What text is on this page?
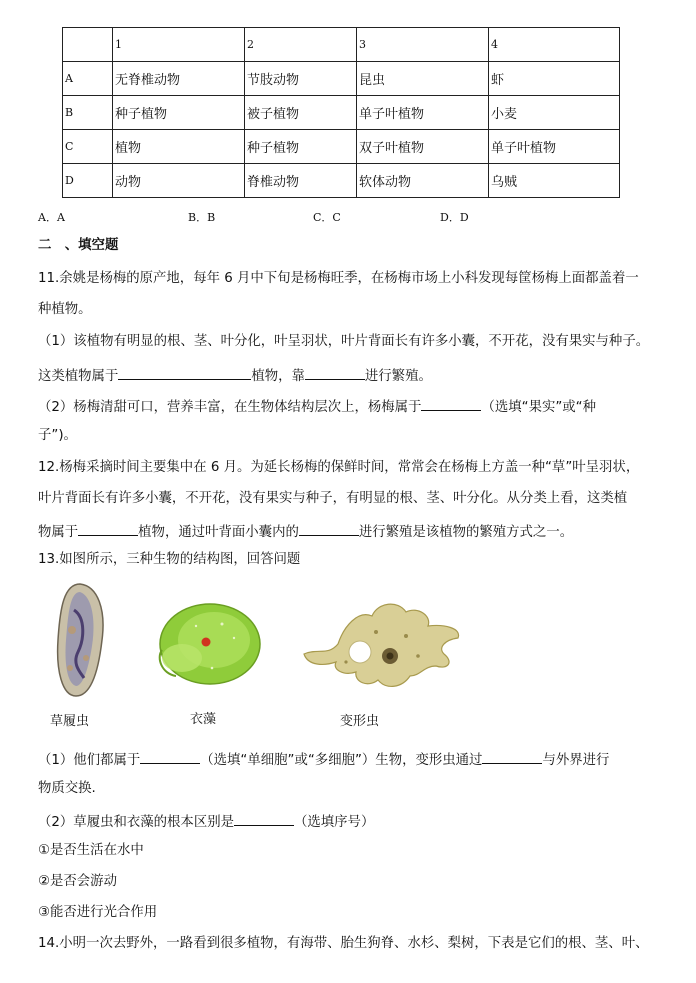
	1	2	3	4
A	无脊椎动物	节肢动物	昆虫	虾
B	种子植物	被子植物	单子叶植物	小麦
C	植物	种子植物	双子叶植物	单子叶植物
D	动物	脊椎动物	软体动物	乌贼
A．A	B．B	C．C	D．D
二　、填空题
11.余姚是杨梅的原产地，每年 6 月中下旬是杨梅旺季，在杨梅市场上小科发现每筐杨梅上面都盖着一
种植物。
（1）该植物有明显的根、茎、叶分化，叶呈羽状，叶片背面长有许多小囊，不开花，没有果实与种子。
这类植物属于	植物，靠	进行繁殖。
（2）杨梅清甜可口，营养丰富，在生物体结构层次上，杨梅属于	（选填“果实”或“种
子”)。
12.杨梅采摘时间主要集中在 6 月。为延长杨梅的保鲜时间，常常会在杨梅上方盖一种“草”叶呈羽状，
叶片背面长有许多小囊，不开花，没有果实与种子，有明显的根、茎、叶分化。从分类上看，这类植
物属于	植物，通过叶背面小囊内的	进行繁殖是该植物的繁殖方式之一。
13.如图所示，三种生物的结构图，回答问题
草履虫	衣藻	变形虫
（1）他们都属于	（选填“单细胞”或“多细胞”）生物，变形虫通过	与外界进行
物质交换.
（2）草履虫和衣藻的根本区别是	（选填序号）
①是否生活在水中
②是否会游动
③能否进行光合作用
14.小明一次去野外，一路看到很多植物，有海带、胎生狗脊、水杉、梨树，下表是它们的根、茎、叶、
